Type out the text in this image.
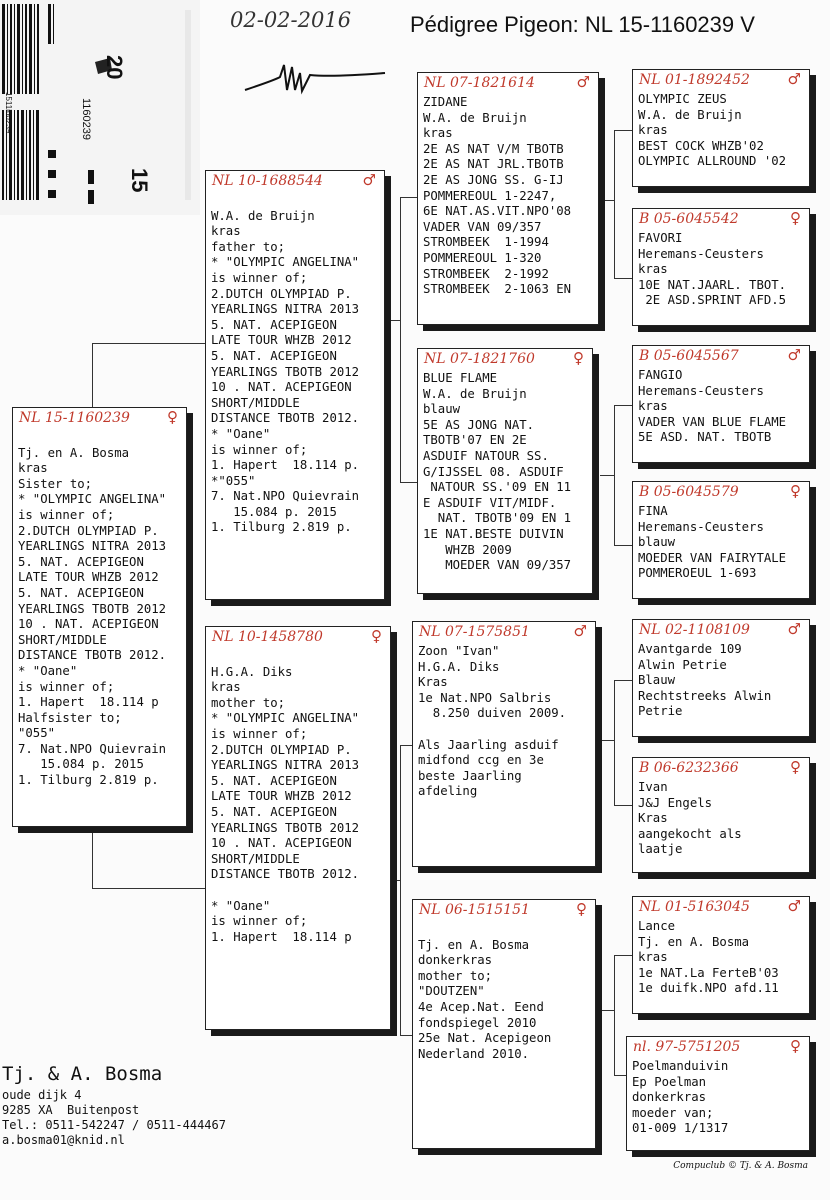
20
15
1160239
1511i60239
02-02-2016	Pédigree Pigeon: NL 15-1160239 V
NL 15-1160239 ♀

Tj. en A. Bosma
kras
Sister to;
* "OLYMPIC ANGELINA"
is winner of;
2.DUTCH OLYMPIAD P.
YEARLINGS NITRA 2013
5. NAT. ACEPIGEON
LATE TOUR WHZB 2012
5. NAT. ACEPIGEON
YEARLINGS TBOTB 2012
10 . NAT. ACEPIGEON
SHORT/MIDDLE
DISTANCE TBOTB 2012.
* "Oane"
is winner of;
1. Hapert  18.114 p
Halfsister to;
"055"
7. Nat.NPO Quievrain
15.084 p. 2015
1. Tilburg 2.819 p.
NL 10-1688544	♂

W.A. de Bruijn
kras
father to;
* "OLYMPIC ANGELINA"
is winner of;
2.DUTCH OLYMPIAD P.
YEARLINGS NITRA 2013
5. NAT. ACEPIGEON
LATE TOUR WHZB 2012
5. NAT. ACEPIGEON
YEARLINGS TBOTB 2012
10 . NAT. ACEPIGEON
SHORT/MIDDLE
DISTANCE TBOTB 2012.
* "Oane"
is winner of;
1. Hapert  18.114 p.
*"055"
7. Nat.NPO Quievrain
15.084 p. 2015
1. Tilburg 2.819 p.
NL 10-1458780	♀

H.G.A. Diks
kras
mother to;
* "OLYMPIC ANGELINA"
is winner of;
2.DUTCH OLYMPIAD P.
YEARLINGS NITRA 2013
5. NAT. ACEPIGEON
LATE TOUR WHZB 2012
5. NAT. ACEPIGEON
YEARLINGS TBOTB 2012
10 . NAT. ACEPIGEON
SHORT/MIDDLE
DISTANCE TBOTB 2012.

* "Oane"
is winner of;
1. Hapert  18.114 p
NL 07-1821614	♂
ZIDANE
W.A. de Bruijn
kras
2E AS NAT V/M TBOTB
2E AS NAT JRL.TBOTB
2E AS JONG SS. G-IJ
POMMEREOUL 1-2247,
6E NAT.AS.VIT.NPO'08
VADER VAN 09/357
STROMBEEK  1-1994
POMMEREOUL 1-320
STROMBEEK  2-1992
STROMBEEK  2-1063 EN
NL 07-1821760	♀
BLUE FLAME
W.A. de Bruijn
blauw
5E AS JONG NAT.
TBOTB'07 EN 2E
ASDUIF NATOUR SS.
G/IJSSEL 08. ASDUIF
NATOUR SS.'09 EN 11
E ASDUIF VIT/MIDF.
NAT. TBOTB'09 EN 1
1E NAT.BESTE DUIVIN
WHZB 2009
MOEDER VAN 09/357
NL 07-1575851	♂
Zoon "Ivan"
H.G.A. Diks
Kras
1e Nat.NPO Salbris
8.250 duiven 2009.

Als Jaarling asduif
midfond ccg en 3e
beste Jaarling
afdeling
NL 06-1515151	♀

Tj. en A. Bosma
donkerkras
mother to;
"DOUTZEN"
4e Acep.Nat. Eend
fondspiegel 2010
25e Nat. Acepigeon
Nederland 2010.
NL 01-1892452	♂
OLYMPIC ZEUS
W.A. de Bruijn
kras
BEST COCK WHZB'02
OLYMPIC ALLROUND '02
B 05-6045542	♀
FAVORI
Heremans-Ceusters
kras
10E NAT.JAARL. TBOT.
2E ASD.SPRINT AFD.5
B 05-6045567	♂
FANGIO
Heremans-Ceusters
kras
VADER VAN BLUE FLAME
5E ASD. NAT. TBOTB
B 05-6045579	♀
FINA
Heremans-Ceusters
blauw
MOEDER VAN FAIRYTALE
POMMEROEUL 1-693
NL 02-1108109	♂
Avantgarde 109
Alwin Petrie
Blauw
Rechtstreeks Alwin
Petrie
B 06-6232366	♀
Ivan
J&J Engels
Kras
aangekocht als
laatje
NL 01-5163045	♂
Lance
Tj. en A. Bosma
kras
1e NAT.La FerteB'03
1e duifk.NPO afd.11
nl. 97-5751205	♀
Poelmanduivin
Ep Poelman
donkerkras
moeder van;
01-009 1/1317
Tj. & A. Bosma
oude dijk 4
9285 XA  Buitenpost
Tel.: 0511-542247 / 0511-444467
a.bosma01@knid.nl
Compuclub © Tj. & A. Bosma
